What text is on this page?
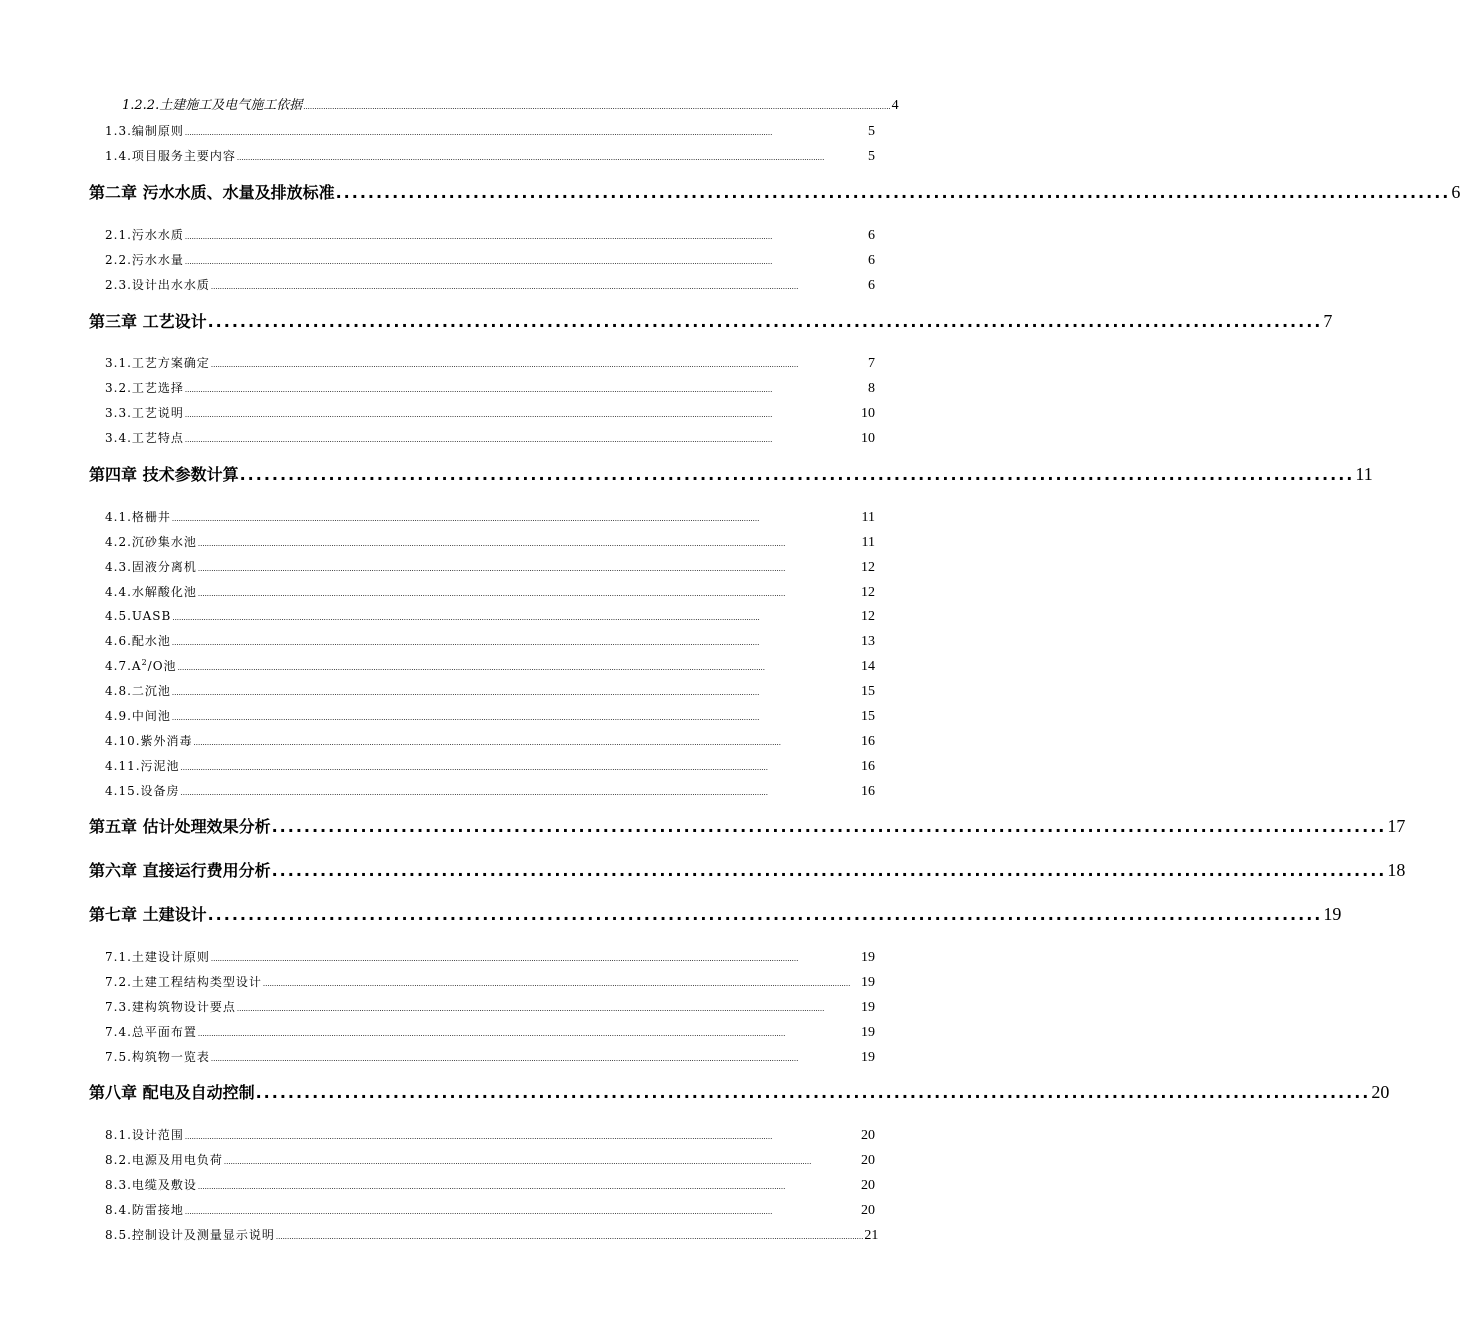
1.2.2.土建施工及电气施工依据 ........................................................................................................................................................................................................................................................................ 4
1.3.编制原则 ........................................................................................................................................................................................................................................................................	5
1.4.项目服务主要内容 ........................................................................................................................................................................................................................................................................	5
第二章 污水水质、水量及排放标准 .......................................................................................................................................... 6
2.1.污水水质 ........................................................................................................................................................................................................................................................................	6
2.2.污水水量 ........................................................................................................................................................................................................................................................................	6
2.3.设计出水水质 ........................................................................................................................................................................................................................................................................	6
第三章 工艺设计 .......................................................................................................................................... 7
3.1.工艺方案确定 ........................................................................................................................................................................................................................................................................	7
3.2.工艺选择 ........................................................................................................................................................................................................................................................................	8
3.3.工艺说明 ........................................................................................................................................................................................................................................................................	10
3.4.工艺特点 ........................................................................................................................................................................................................................................................................	10
第四章 技术参数计算 .......................................................................................................................................... 11
4.1.格栅井 ........................................................................................................................................................................................................................................................................	11
4.2.沉砂集水池 ........................................................................................................................................................................................................................................................................	11
4.3.固液分离机 ........................................................................................................................................................................................................................................................................	12
4.4.水解酸化池 ........................................................................................................................................................................................................................................................................	12
4.5.UASB ........................................................................................................................................................................................................................................................................	12
4.6.配水池 ........................................................................................................................................................................................................................................................................	13
$4.7.A^2/O$池 ........................................................................................................................................................................................................................................................................	14
4.8.二沉池 ........................................................................................................................................................................................................................................................................	15
4.9.中间池 ........................................................................................................................................................................................................................................................................	15
4.10.紫外消毒 ........................................................................................................................................................................................................................................................................	16
4.11.污泥池 ........................................................................................................................................................................................................................................................................	16
4.15.设备房 ........................................................................................................................................................................................................................................................................	16
第五章 估计处理效果分析 .......................................................................................................................................... 17
第六章 直接运行费用分析 .......................................................................................................................................... 18
第七章 土建设计 .......................................................................................................................................... 19
7.1.土建设计原则 ........................................................................................................................................................................................................................................................................	19
7.2.土建工程结构类型设计 ........................................................................................................................................................................................................................................................................ 19
7.3.建构筑物设计要点 ........................................................................................................................................................................................................................................................................	19
7.4.总平面布置 ........................................................................................................................................................................................................................................................................	19
7.5.构筑物一览表 ........................................................................................................................................................................................................................................................................	19
第八章 配电及自动控制 .......................................................................................................................................... 20
8.1.设计范围 ........................................................................................................................................................................................................................................................................	20
8.2.电源及用电负荷 ........................................................................................................................................................................................................................................................................	20
8.3.电缆及敷设 ........................................................................................................................................................................................................................................................................	20
8.4.防雷接地 ........................................................................................................................................................................................................................................................................	20
8.5.控制设计及测量显示说明 ........................................................................................................................................................................................................................................................................ 21
